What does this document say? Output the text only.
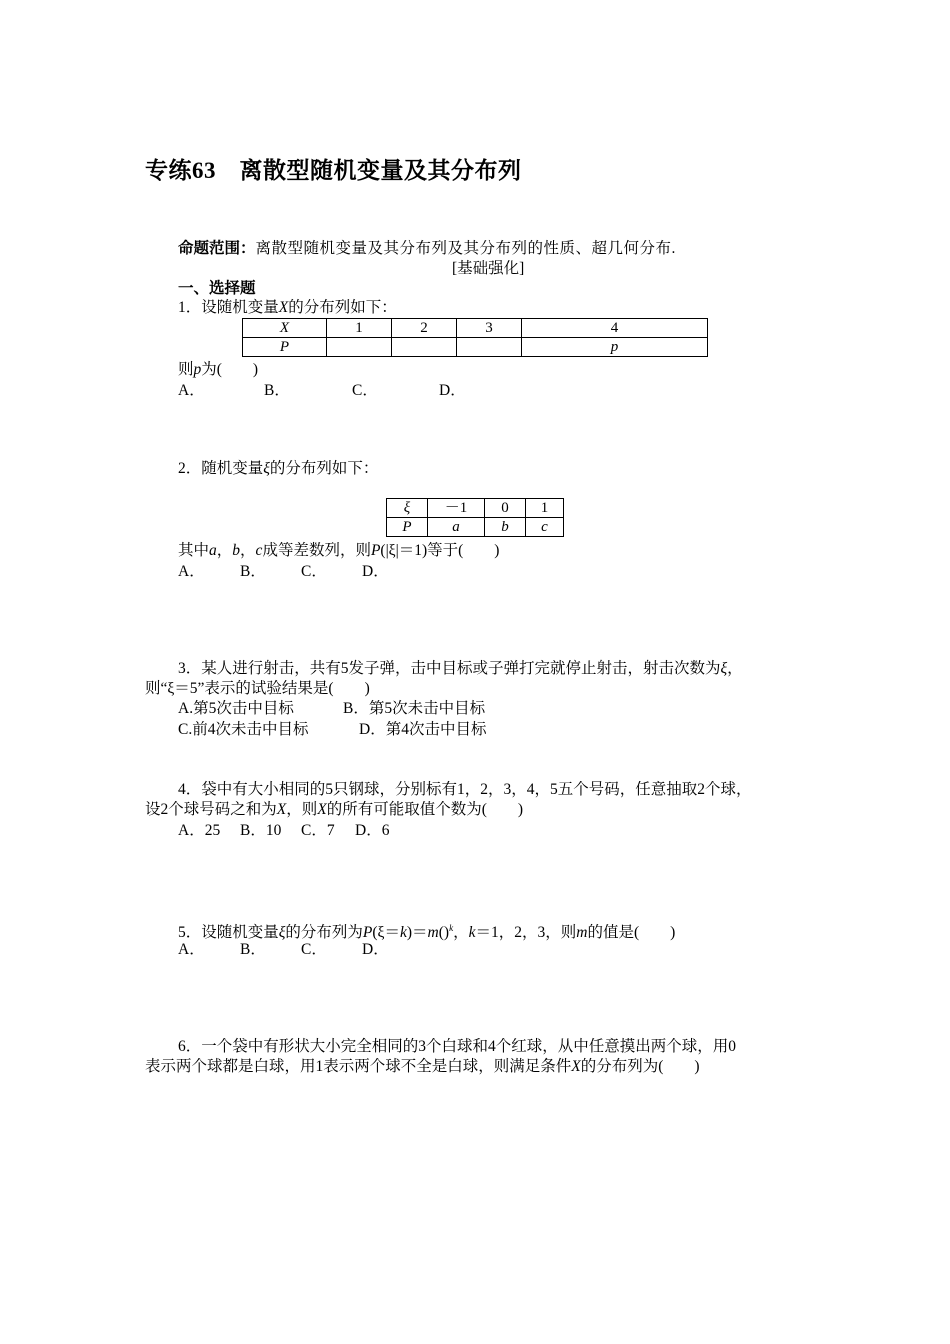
专练63　离散型随机变量及其分布列
命题范围：离散型随机变量及其分布列及其分布列的性质、超几何分布.
[基础强化]
一、选择题
1．设随机变量X的分布列如下：
X	1	2	3	4
P				p
则p为(　　)
A．	B．	C．	D．
2．随机变量ξ的分布列如下：
ξ	－1	0	1
P	a	b	c
其中a，b，c成等差数列，则P(|ξ|＝1)等于(　　)
A． B． C． D．
3．某人进行射击，共有5发子弹，击中目标或子弹打完就停止射击，射击次数为ξ，
则“ξ＝5”表示的试验结果是(　　)
A.第5次击中目标	B．第5次未击中目标
C.前4次未击中目标	D．第4次击中目标
4．袋中有大小相同的5只钢球，分别标有1，2，3，4，5五个号码，任意抽取2个球，
设2个球号码之和为X，则X的所有可能取值个数为(　　)
A．25 B．10 C．7 D．6
5．设随机变量ξ的分布列为P(ξ＝k)＝m()$^k$，k＝1，2，3，则m的值是(　　)
A． B． C． D．
6．一个袋中有形状大小完全相同的3个白球和4个红球，从中任意摸出两个球，用0
表示两个球都是白球，用1表示两个球不全是白球，则满足条件X的分布列为(　　)
